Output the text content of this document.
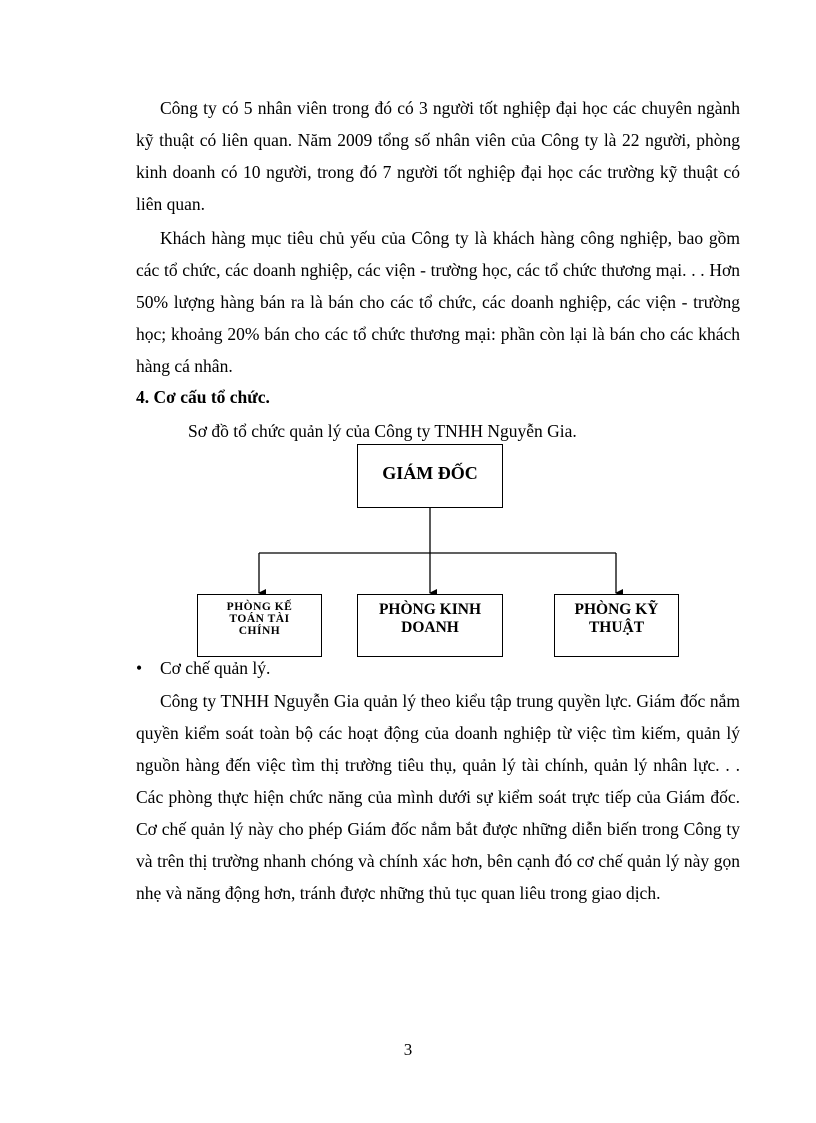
Công ty có 5 nhân viên trong đó có 3 người tốt nghiệp đại học các chuyên ngành kỹ thuật có liên quan. Năm 2009 tổng số nhân viên của Công ty là 22 người, phòng kinh doanh có 10 người, trong đó 7 người tốt nghiệp đại học các trường kỹ thuật có liên quan.

Khách hàng mục tiêu chủ yếu của Công ty là khách hàng công nghiệp, bao gồm các tổ chức, các doanh nghiệp, các viện - trường học, các tổ chức thương mại. . . Hơn 50% lượng hàng bán ra là bán cho các tổ chức, các doanh nghiệp, các viện - trường học; khoảng 20% bán cho các tổ chức thương mại: phần còn lại là bán cho các khách hàng cá nhân.

4. Cơ cấu tổ chức.

Sơ đồ tổ chức quản lý của Công ty TNHH Nguyễn Gia.

GIÁM ĐỐC
PHÒNG KẾ
TOÁN TÀI
CHÍNH
PHÒNG KINH
DOANH
PHÒNG KỸ
THUẬT

• Cơ chế quản lý.

Công ty TNHH Nguyễn Gia quản lý theo kiểu tập trung quyền lực. Giám đốc nắm quyền kiểm soát toàn bộ các hoạt động của doanh nghiệp từ việc tìm kiếm, quản lý nguồn hàng đến việc tìm thị trường tiêu thụ, quản lý tài chính, quản lý nhân lực. . . Các phòng thực hiện chức năng của mình dưới sự kiểm soát trực tiếp của Giám đốc. Cơ chế quản lý này cho phép Giám đốc nắm bắt được những diễn biến trong Công ty và trên thị trường nhanh chóng và chính xác hơn, bên cạnh đó cơ chế quản lý này gọn nhẹ và năng động hơn, tránh được những thủ tục quan liêu trong giao dịch.

3
